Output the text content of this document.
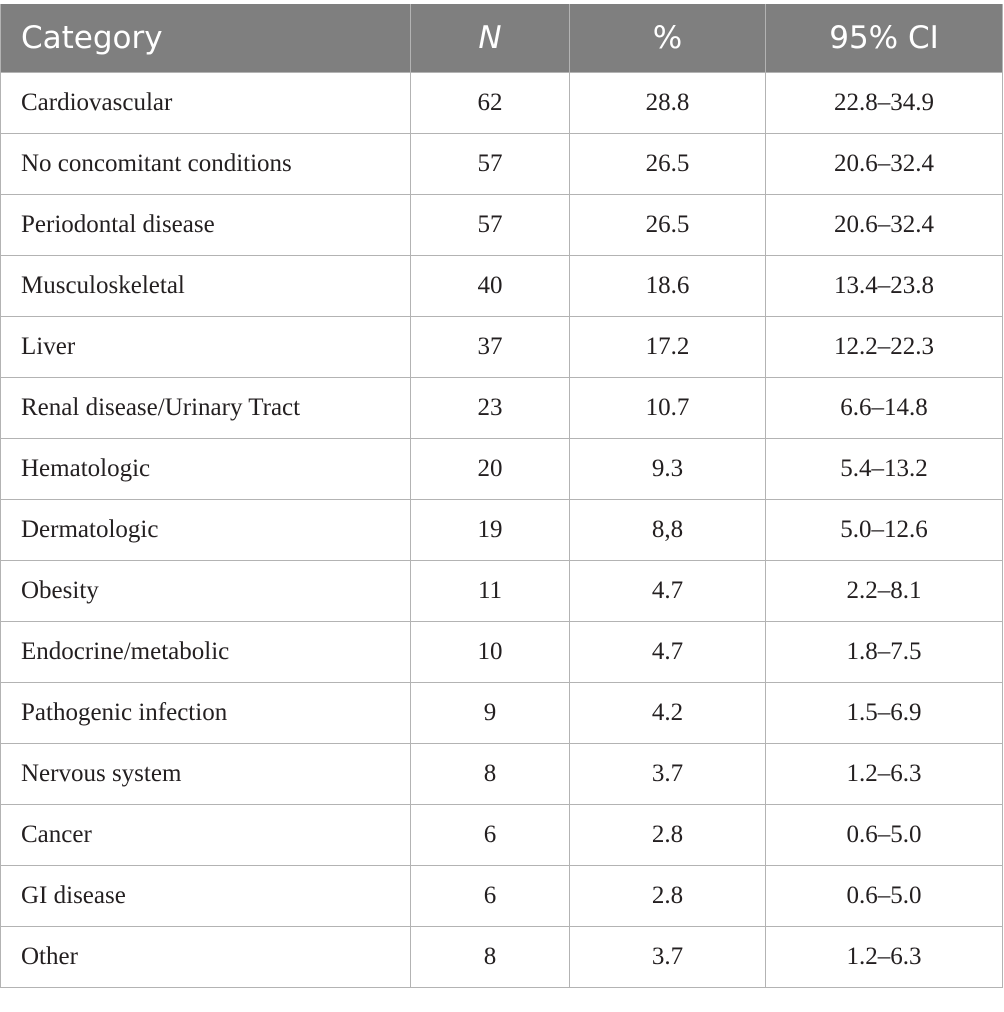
Category	N	%	95% CI
Cardiovascular	62	28.8	22.8–34.9
No concomitant conditions	57	26.5	20.6–32.4
Periodontal disease	57	26.5	20.6–32.4
Musculoskeletal	40	18.6	13.4–23.8
Liver	37	17.2	12.2–22.3
Renal disease/Urinary Tract	23	10.7	6.6–14.8
Hematologic	20	9.3	5.4–13.2
Dermatologic	19	8,8	5.0–12.6
Obesity	11	4.7	2.2–8.1
Endocrine/metabolic	10	4.7	1.8–7.5
Pathogenic infection	9	4.2	1.5–6.9
Nervous system	8	3.7	1.2–6.3
Cancer	6	2.8	0.6–5.0
GI disease	6	2.8	0.6–5.0
Other	8	3.7	1.2–6.3
